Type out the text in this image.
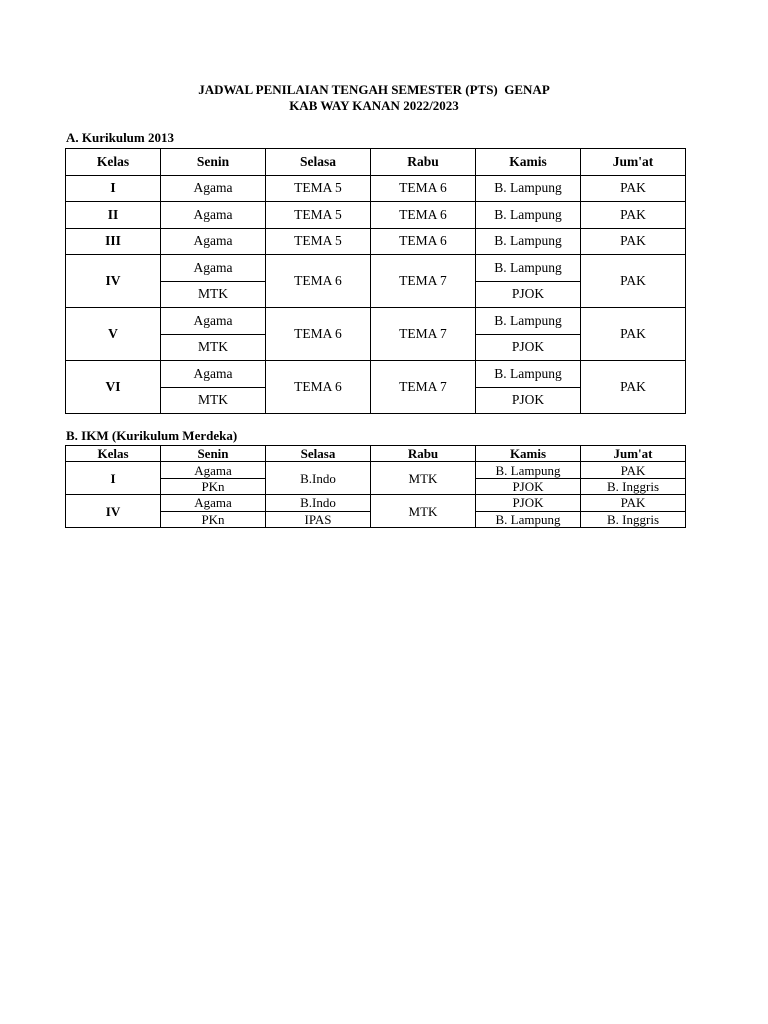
JADWAL PENILAIAN TENGAH SEMESTER (PTS)  GENAP
KAB WAY KANAN 2022/2023
A. Kurikulum 2013
Kelas	Senin	Selasa	Rabu	Kamis	Jum'at
I	Agama	TEMA 5	TEMA 6	B. Lampung	PAK
II	Agama	TEMA 5	TEMA 6	B. Lampung	PAK
III	Agama	TEMA 5	TEMA 6	B. Lampung	PAK
IV	Agama	TEMA 6	TEMA 7	B. Lampung	PAK
	MTK			PJOK	
V	Agama	TEMA 6	TEMA 7	B. Lampung	PAK
	MTK			PJOK	
VI	Agama	TEMA 6	TEMA 7	B. Lampung	PAK
	MTK			PJOK	
B. IKM (Kurikulum Merdeka)
Kelas	Senin	Selasa	Rabu	Kamis	Jum'at
I	Agama	B.Indo	MTK	B. Lampung	PAK
	PKn			PJOK	B. Inggris
IV	Agama	B.Indo	MTK	PJOK	PAK
	PKn	IPAS		B. Lampung	B. Inggris
